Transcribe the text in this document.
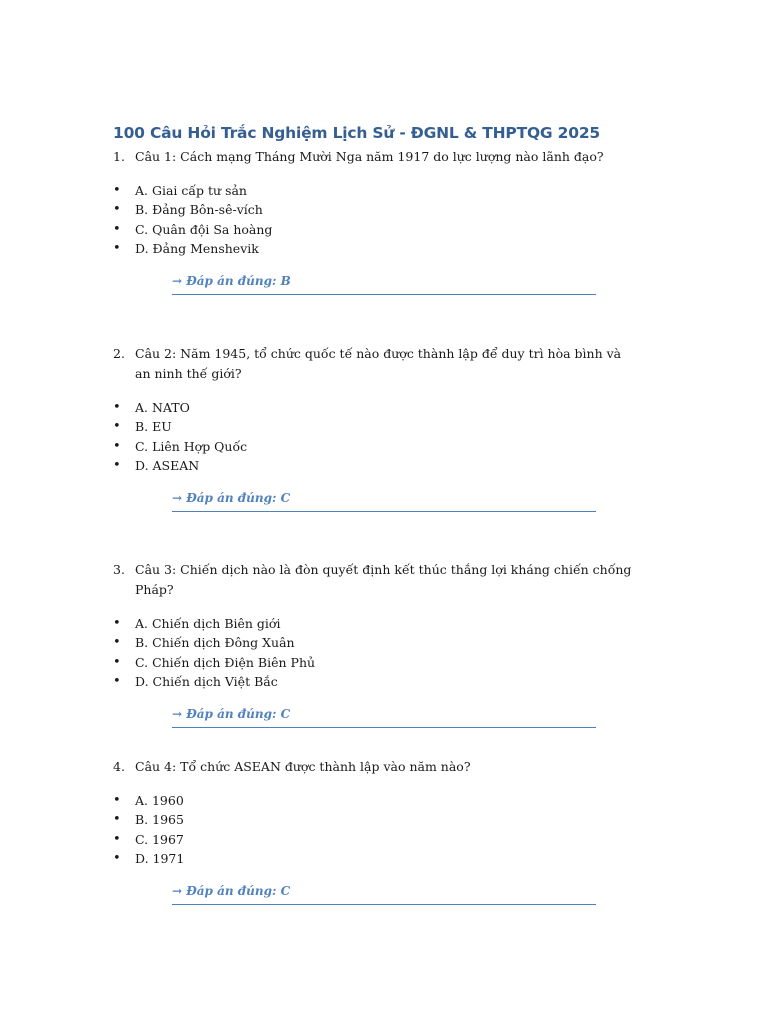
100 Câu Hỏi Trắc Nghiệm Lịch Sử - ĐGNL & THPTQG 2025
1. Câu 1: Cách mạng Tháng Mười Nga năm 1917 do lực lượng nào lãnh đạo?
• A. Giai cấp tư sản
• B. Đảng Bôn-sê-vích
• C. Quân đội Sa hoàng
• D. Đảng Menshevik
→ Đáp án đúng: B
2. Câu 2: Năm 1945, tổ chức quốc tế nào được thành lập để duy trì hòa bình và an ninh thế giới?
• A. NATO
• B. EU
• C. Liên Hợp Quốc
• D. ASEAN
→ Đáp án đúng: C
3. Câu 3: Chiến dịch nào là đòn quyết định kết thúc thắng lợi kháng chiến chống Pháp?
• A. Chiến dịch Biên giới
• B. Chiến dịch Đông Xuân
• C. Chiến dịch Điện Biên Phủ
• D. Chiến dịch Việt Bắc
→ Đáp án đúng: C
4. Câu 4: Tổ chức ASEAN được thành lập vào năm nào?
• A. 1960
• B. 1965
• C. 1967
• D. 1971
→ Đáp án đúng: C
